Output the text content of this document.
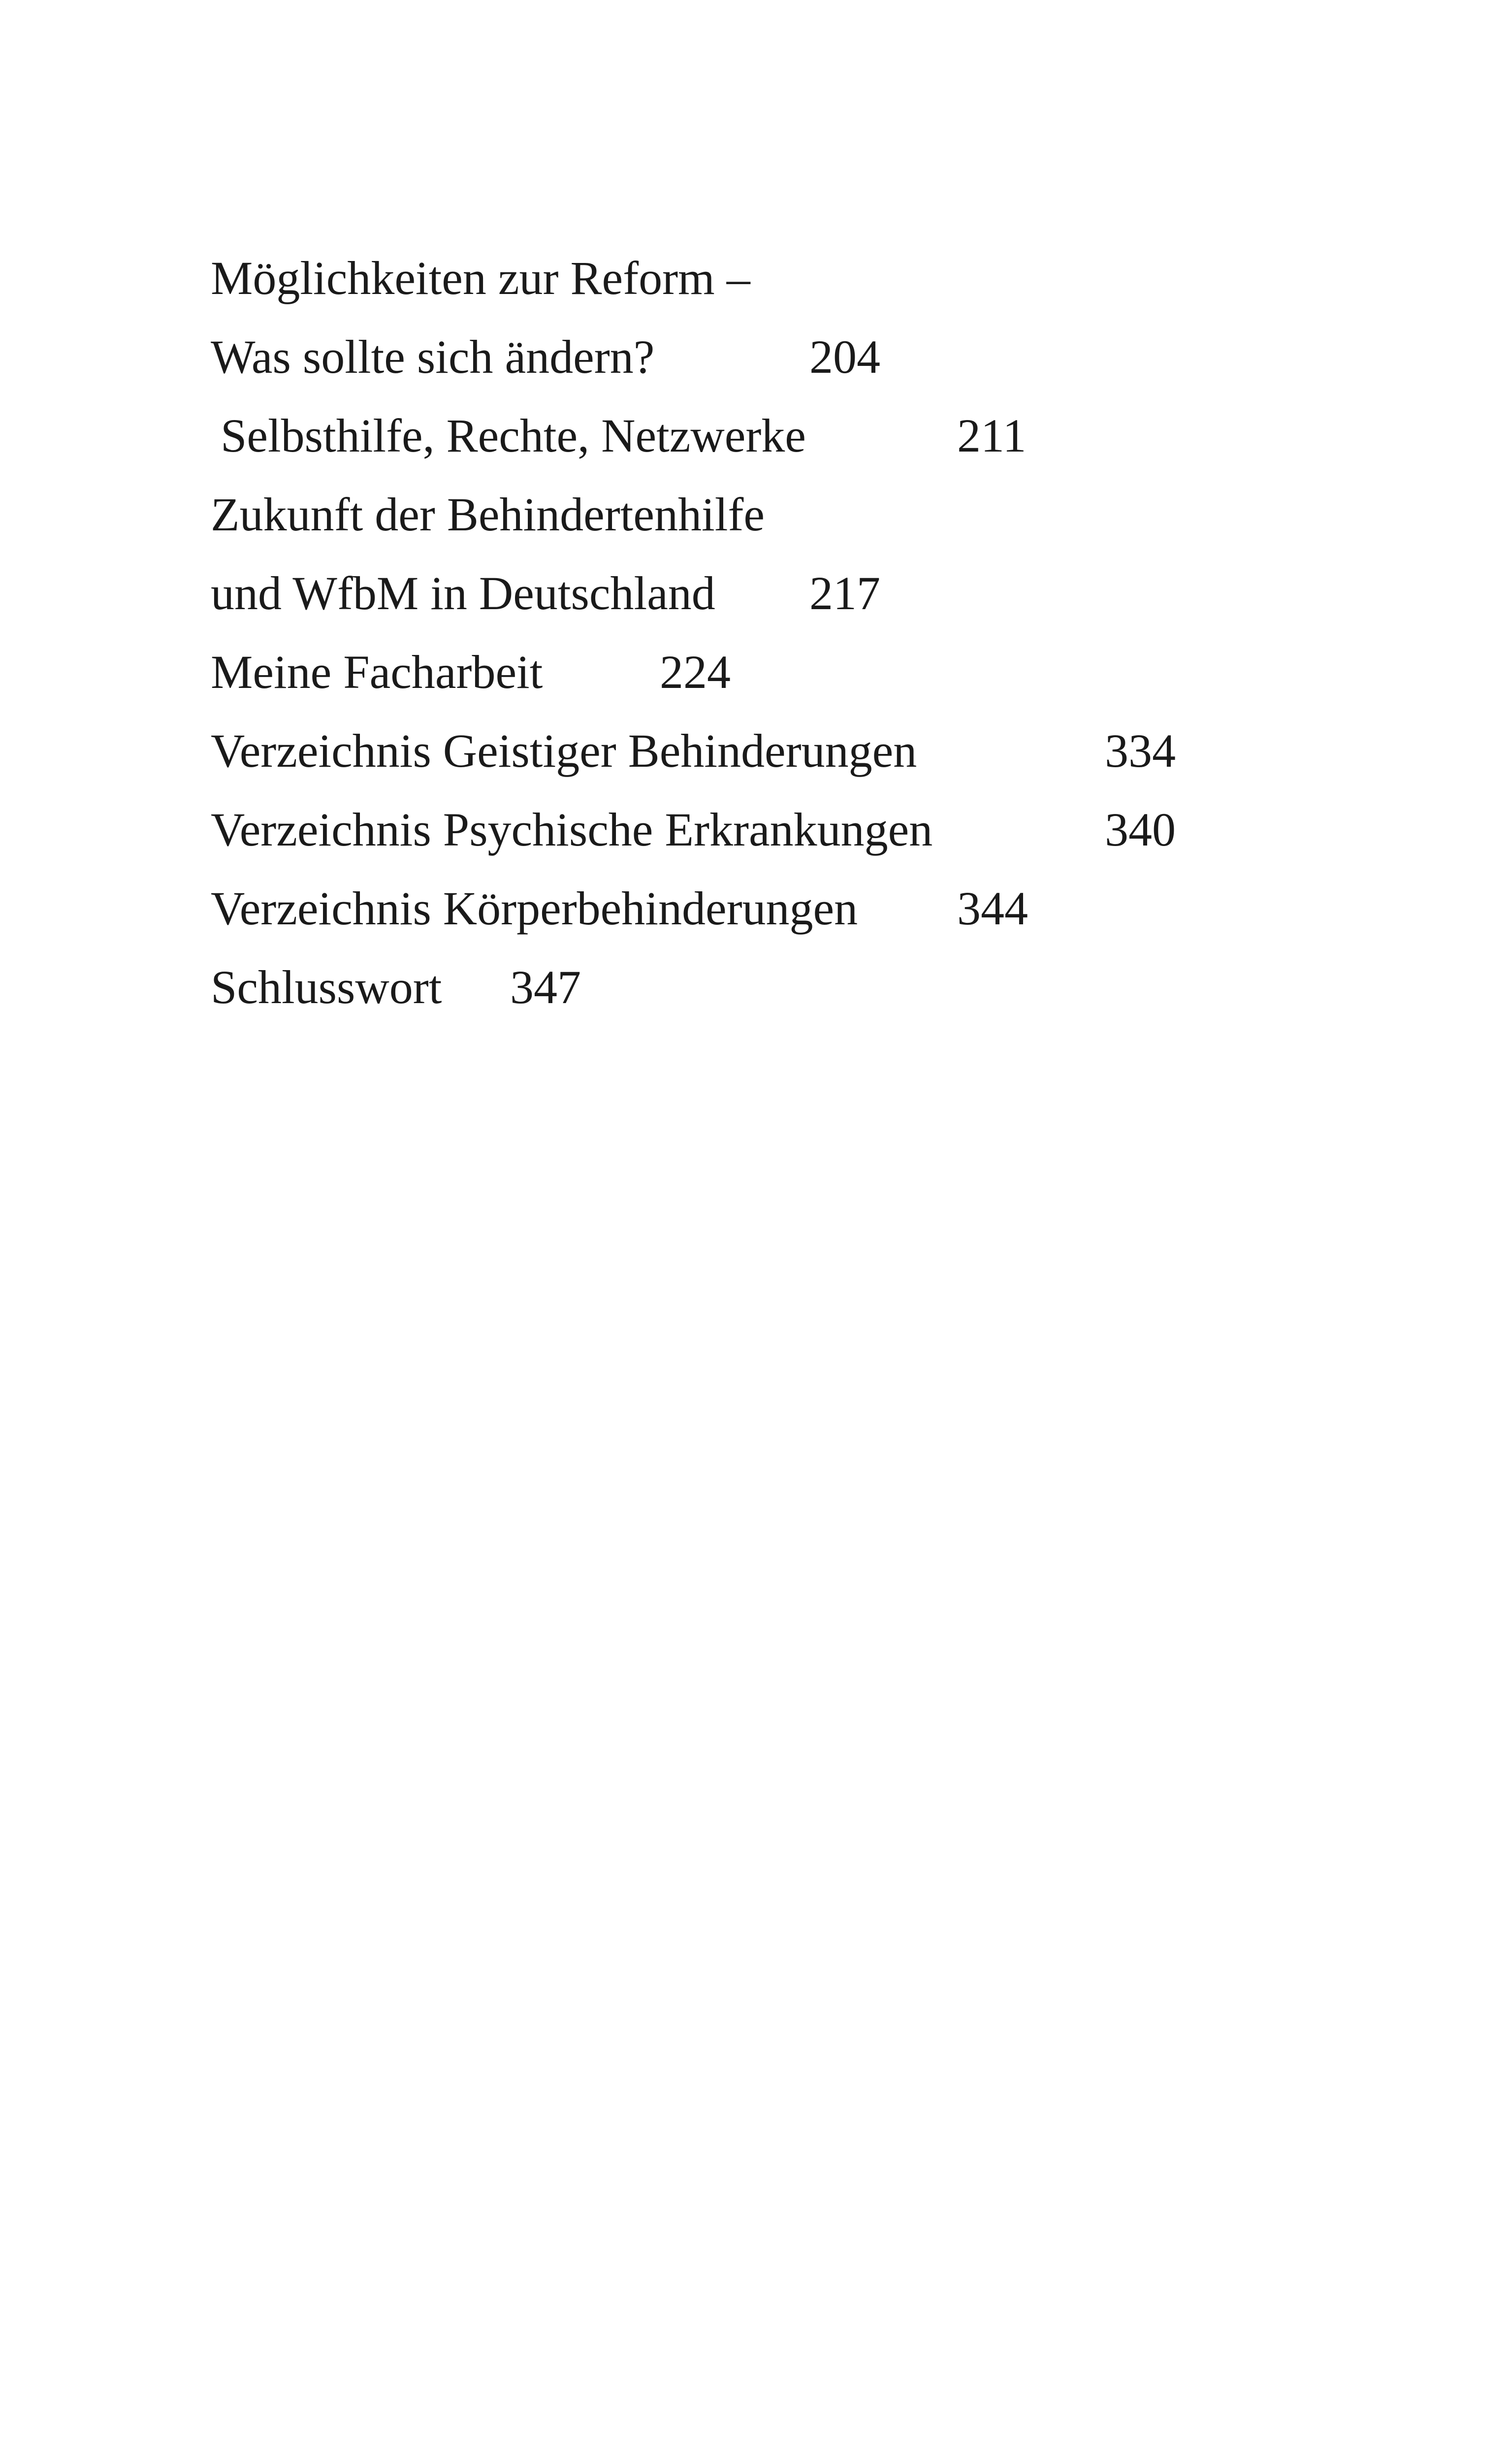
Möglichkeiten zur Reform –
Was sollte sich ändern?	204
Selbsthilfe, Rechte, Netzwerke	211
Zukunft der Behindertenhilfe
und WfbM in Deutschland 217
Meine Facharbeit 224
Verzeichnis Geistiger Behinderungen	334
Verzeichnis Psychische Erkrankungen	340
Verzeichnis Körperbehinderungen 344
Schlusswort 347
